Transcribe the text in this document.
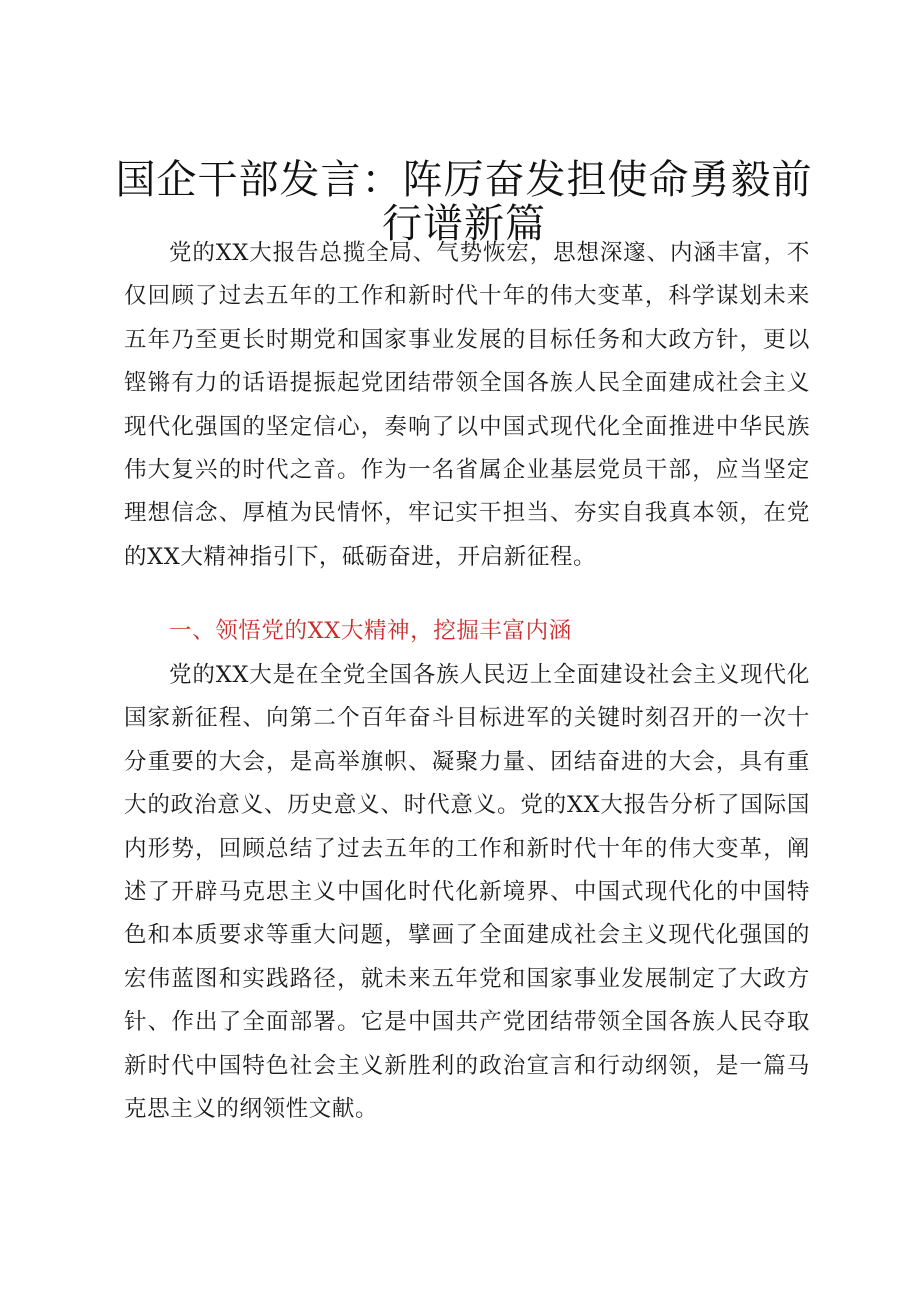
国企干部发言：阵厉奋发担使命勇毅前行谱新篇

党的XX大报告总揽全局、气势恢宏，思想深邃、内涵丰富，不仅回顾了过去五年的工作和新时代十年的伟大变革，科学谋划未来五年乃至更长时期党和国家事业发展的目标任务和大政方针，更以铿锵有力的话语提振起党团结带领全国各族人民全面建成社会主义现代化强国的坚定信心，奏响了以中国式现代化全面推进中华民族伟大复兴的时代之音。作为一名省属企业基层党员干部，应当坚定理想信念、厚植为民情怀，牢记实干担当、夯实自我真本领，在党的XX大精神指引下，砥砺奋进，开启新征程。

一、领悟党的XX大精神，挖掘丰富内涵

党的XX大是在全党全国各族人民迈上全面建设社会主义现代化国家新征程、向第二个百年奋斗目标进军的关键时刻召开的一次十分重要的大会，是高举旗帜、凝聚力量、团结奋进的大会，具有重大的政治意义、历史意义、时代意义。党的XX大报告分析了国际国内形势，回顾总结了过去五年的工作和新时代十年的伟大变革，阐述了开辟马克思主义中国化时代化新境界、中国式现代化的中国特色和本质要求等重大问题，擘画了全面建成社会主义现代化强国的宏伟蓝图和实践路径，就未来五年党和国家事业发展制定了大政方针、作出了全面部署。它是中国共产党团结带领全国各族人民夺取新时代中国特色社会主义新胜利的政治宣言和行动纲领，是一篇马克思主义的纲领性文献。
